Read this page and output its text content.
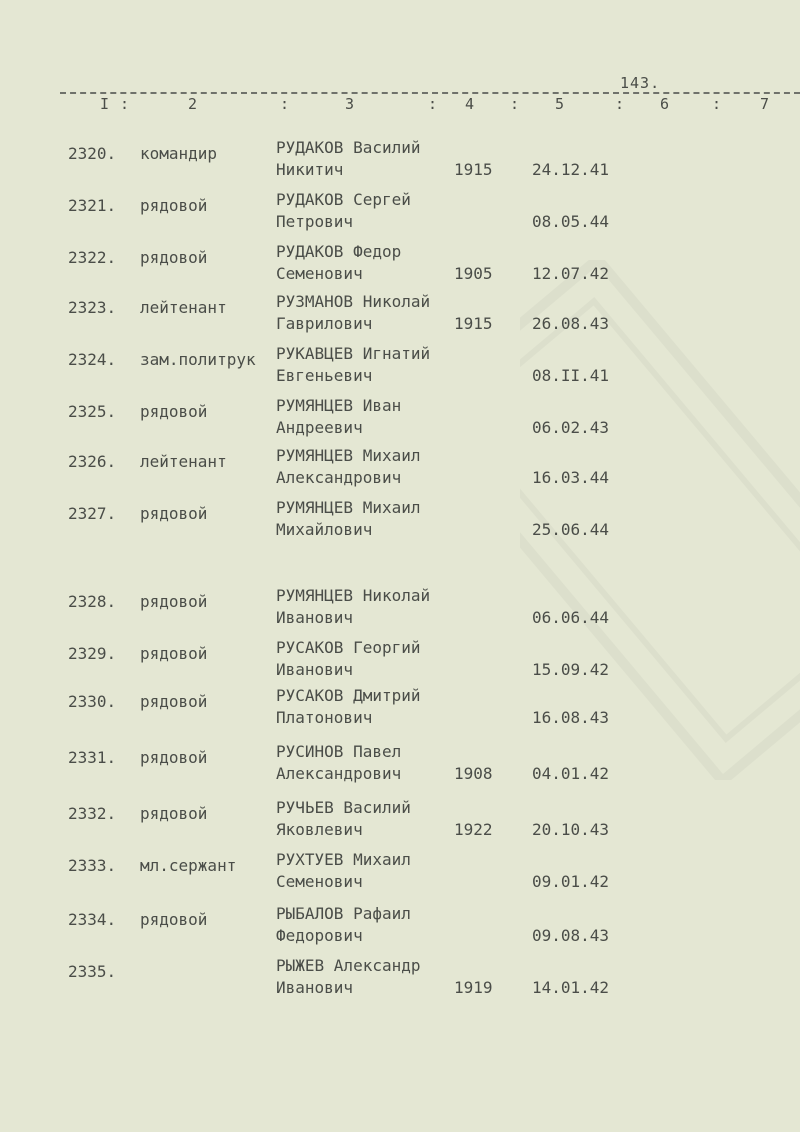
143.
I :	2	:	3	: 4 : 5	: 6	:	7
2320. командир	РУДАКОВ Василий
Никитич	1915 24.12.41
2321. рядовой	РУДАКОВ Сергей
Петрович	08.05.44
2322. рядовой	РУДАКОВ Федор
Семенович	1905 12.07.42
2323. лейтенант	РУЗМАНОВ Николай
Гаврилович	1915 26.08.43
2324. зам.политрук РУКАВЦЕВ Игнатий
Евгеньевич	08.II.41
2325. рядовой	РУМЯНЦЕВ Иван
Андреевич	06.02.43
2326. лейтенант	РУМЯНЦЕВ Михаил
Александрович	16.03.44
2327. рядовой	РУМЯНЦЕВ Михаил
Михайлович	25.06.44
2328. рядовой	РУМЯНЦЕВ Николай
Иванович	06.06.44
2329. рядовой	РУСАКОВ Георгий
Иванович	15.09.42
2330. рядовой	РУСАКОВ Дмитрий
Платонович	16.08.43
2331. рядовой	РУСИНОВ Павел
Александрович	1908 04.01.42
2332. рядовой	РУЧЬЕВ Василий
Яковлевич	1922 20.10.43
2333. мл.сержант РУХТУЕВ Михаил
Семенович	09.01.42
2334. рядовой	РЫБАЛОВ Рафаил
Федорович	09.08.43
2335.	РЫЖЕВ Александр
Иванович	1919 14.01.42
